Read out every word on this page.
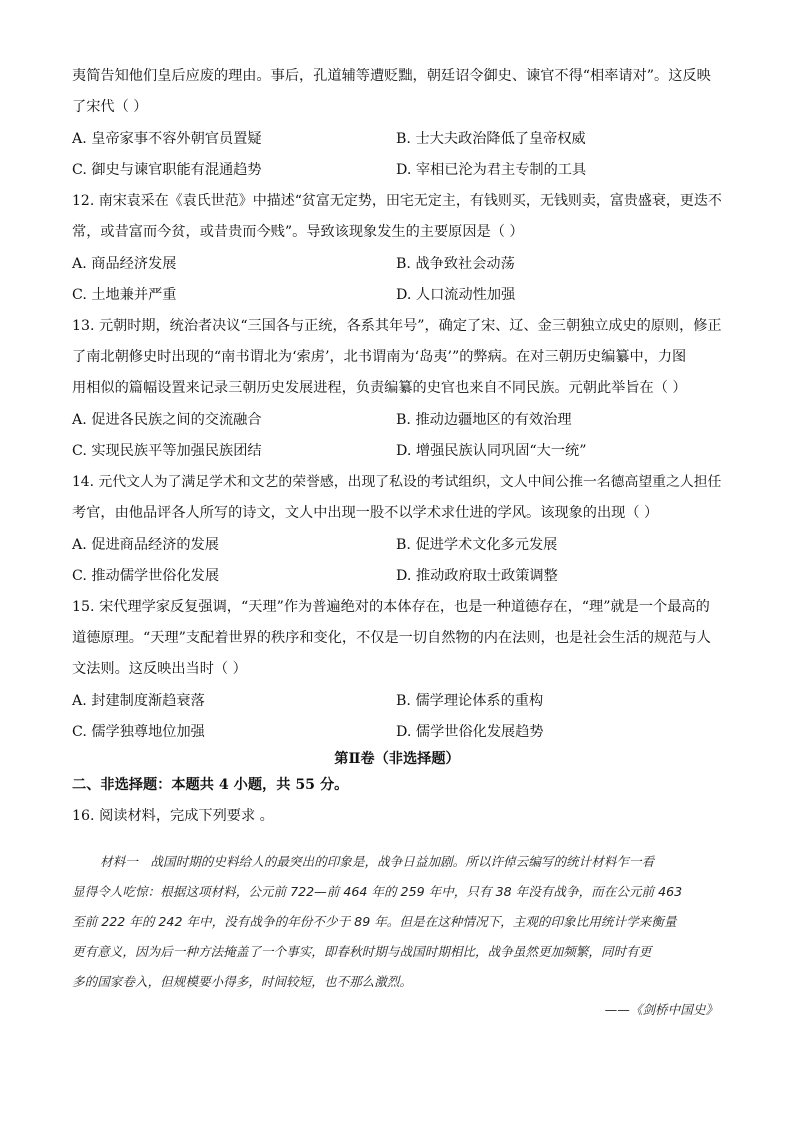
夷简告知他们皇后应废的理由。事后，孔道辅等遭贬黜，朝廷诏令御史、谏官不得“相率请对”。这反映
了宋代（ ）
A. 皇帝家事不容外朝官员置疑	B. 士大夫政治降低了皇帝权威
C. 御史与谏官职能有混通趋势	D. 宰相已沦为君主专制的工具
12. 南宋袁采在《袁氏世范》中描述“贫富无定势，田宅无定主，有钱则买，无钱则卖，富贵盛衰，更迭不
常，或昔富而今贫，或昔贵而今贱”。导致该现象发生的主要原因是（ ）
A. 商品经济发展	B. 战争致社会动荡
C. 土地兼并严重	D. 人口流动性加强
13. 元朝时期，统治者决议“三国各与正统，各系其年号”，确定了宋、辽、金三朝独立成史的原则，修正
了南北朝修史时出现的“南书谓北为‘索虏’，北书谓南为‘岛夷’”的弊病。在对三朝历史编纂中，力图
用相似的篇幅设置来记录三朝历史发展进程，负责编纂的史官也来自不同民族。元朝此举旨在（ ）
A. 促进各民族之间的交流融合	B. 推动边疆地区的有效治理
C. 实现民族平等加强民族团结	D. 增强民族认同巩固“大一统”
14. 元代文人为了满足学术和文艺的荣誉感，出现了私设的考试组织，文人中间公推一名德高望重之人担任
考官，由他品评各人所写的诗文，文人中出现一股不以学术求仕进的学风。该现象的出现（ ）
A. 促进商品经济的发展	B. 促进学术文化多元发展
C. 推动儒学世俗化发展	D. 推动政府取士政策调整
15. 宋代理学家反复强调，“天理”作为普遍绝对的本体存在，也是一种道德存在，“理”就是一个最高的
道德原理。“天理”支配着世界的秩序和变化，不仅是一切自然物的内在法则，也是社会生活的规范与人
文法则。这反映出当时（ ）
A. 封建制度渐趋衰落	B. 儒学理论体系的重构
C. 儒学独尊地位加强	D. 儒学世俗化发展趋势
第Ⅱ卷（非选择题）
二、非选择题：本题共 4 小题，共 55 分。
16. 阅读材料，完成下列要求 。
材料一　战国时期的史料给人的最突出的印象是，战争日益加剧。所以许倬云编写的统计材料乍一看
显得令人吃惊：根据这项材料，公元前 722—前 464 年的 259 年中，只有 38 年没有战争，而在公元前 463
至前 222 年的 242 年中，没有战争的年份不少于 89 年。但是在这种情况下，主观的印象比用统计学来衡量
更有意义，因为后一种方法掩盖了一个事实，即春秋时期与战国时期相比，战争虽然更加频繁，同时有更
多的国家卷入，但规模要小得多，时间较短，也不那么激烈。
——《剑桥中国史》
